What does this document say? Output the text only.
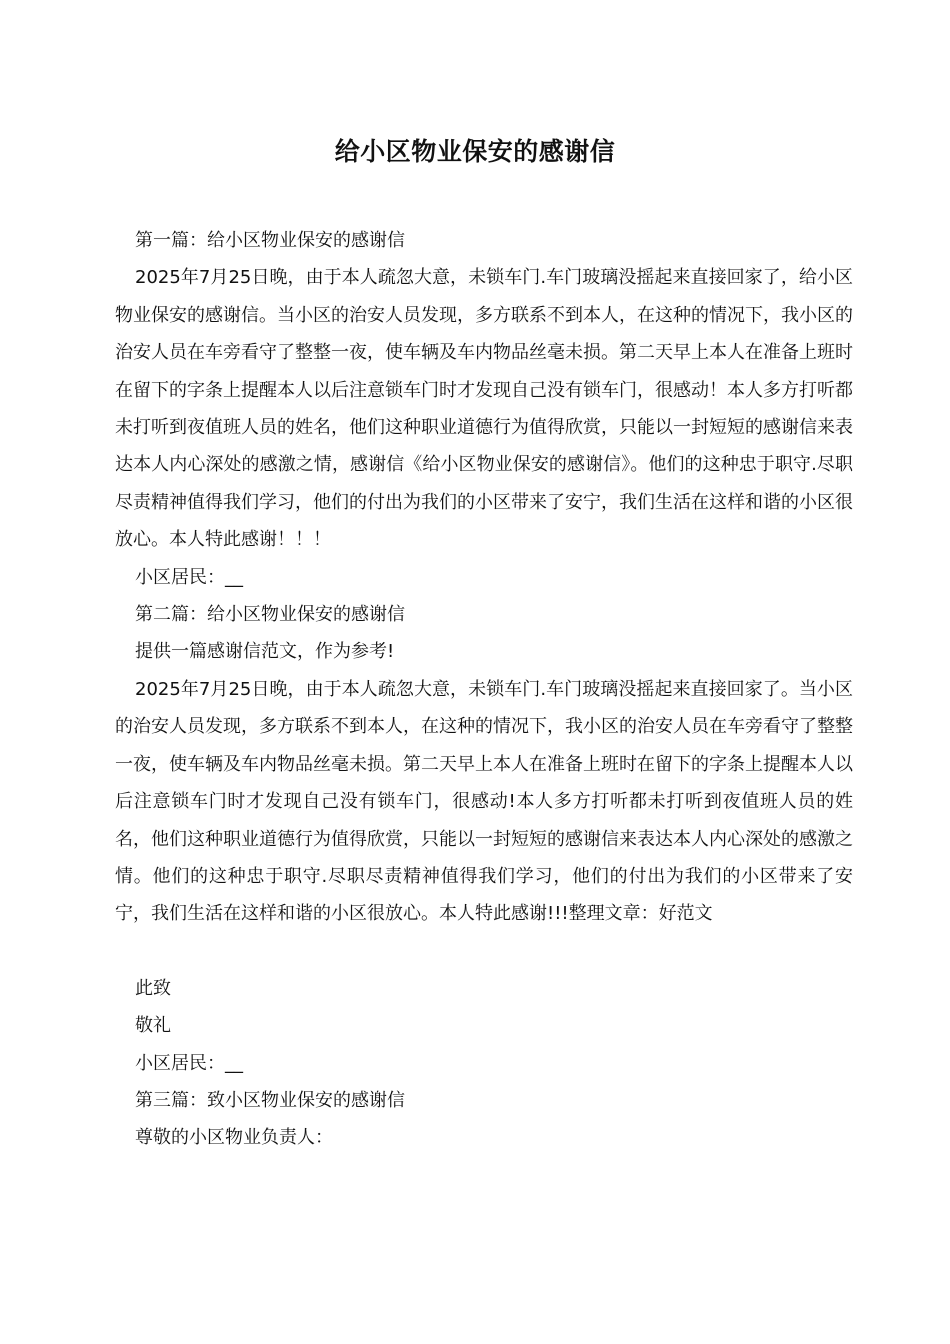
给小区物业保安的感谢信

第一篇：给小区物业保安的感谢信

2025年7月25日晚，由于本人疏忽大意，未锁车门.车门玻璃没摇起来直接回家了，给小区物业保安的感谢信。当小区的治安人员发现，多方联系不到本人，在这种的情况下，我小区的治安人员在车旁看守了整整一夜，使车辆及车内物品丝毫未损。第二天早上本人在准备上班时在留下的字条上提醒本人以后注意锁车门时才发现自己没有锁车门，很感动！本人多方打听都未打听到夜值班人员的姓名，他们这种职业道德行为值得欣赏，只能以一封短短的感谢信来表达本人内心深处的感激之情，感谢信《给小区物业保安的感谢信》。他们的这种忠于职守.尽职尽责精神值得我们学习，他们的付出为我们的小区带来了安宁，我们生活在这样和谐的小区很放心。本人特此感谢！！！

小区居民：__

第二篇：给小区物业保安的感谢信

提供一篇感谢信范文，作为参考!

2025年7月25日晚，由于本人疏忽大意，未锁车门.车门玻璃没摇起来直接回家了。当小区的治安人员发现，多方联系不到本人，在这种的情况下，我小区的治安人员在车旁看守了整整一夜，使车辆及车内物品丝毫未损。第二天早上本人在准备上班时在留下的字条上提醒本人以后注意锁车门时才发现自己没有锁车门，很感动!本人多方打听都未打听到夜值班人员的姓名，他们这种职业道德行为值得欣赏，只能以一封短短的感谢信来表达本人内心深处的感激之情。他们的这种忠于职守.尽职尽责精神值得我们学习，他们的付出为我们的小区带来了安宁，我们生活在这样和谐的小区很放心。本人特此感谢!!!整理文章：好范文

此致

敬礼

小区居民：__

第三篇：致小区物业保安的感谢信

尊敬的小区物业负责人：
